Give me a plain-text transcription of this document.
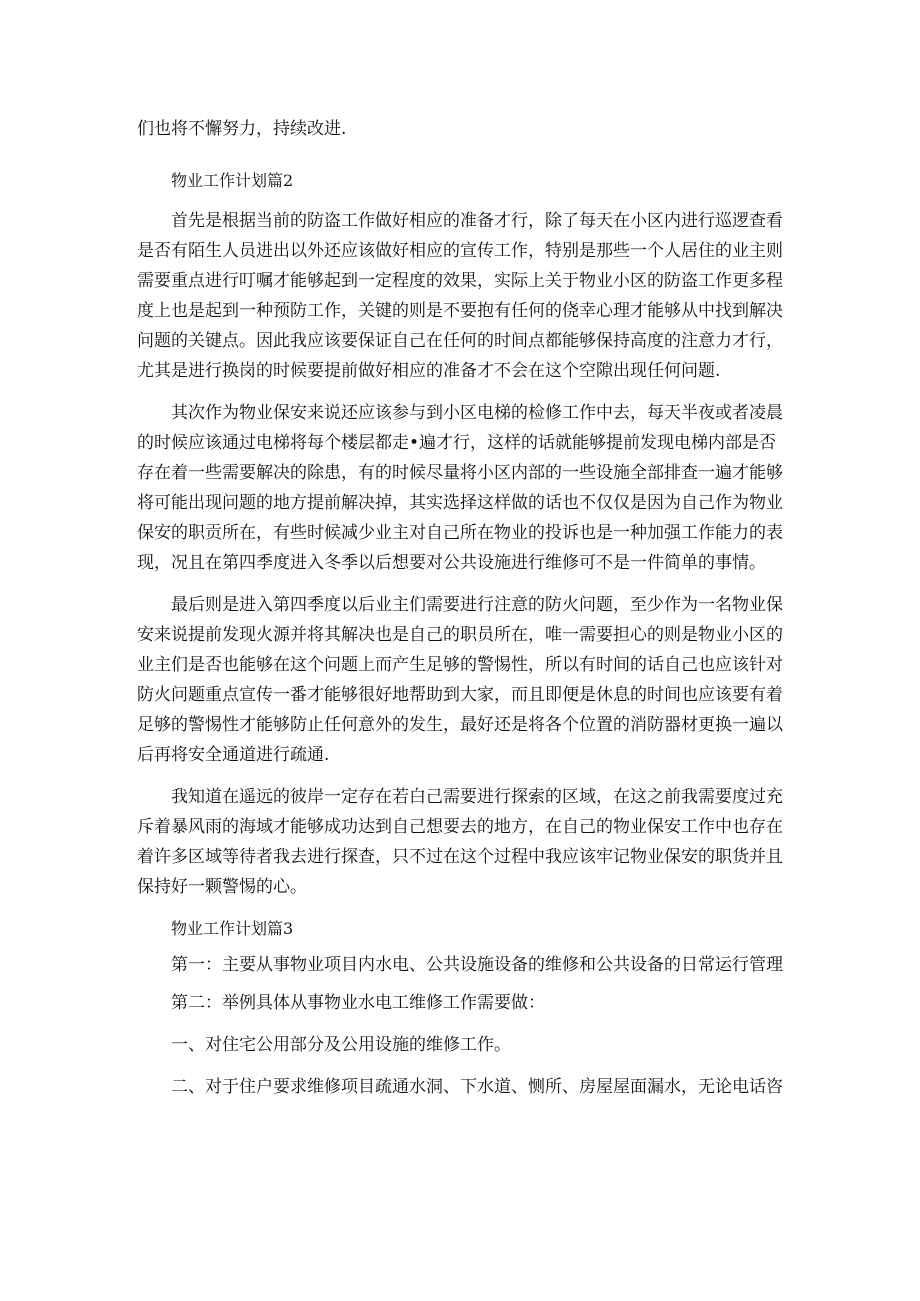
们也将不懈努力，持续改进.
物业工作计划篇2
首先是根据当前的防盗工作做好相应的准备才行，除了每天在小区内进行巡逻查看
是否有陌生人员进出以外还应该做好相应的宣传工作，特别是那些一个人居住的业主则
需要重点进行叮嘱才能够起到一定程度的效果，实际上关于物业小区的防盗工作更多程
度上也是起到一种预防工作，关键的则是不要抱有任何的侥幸心理才能够从中找到解决
问题的关键点。因此我应该要保证自己在任何的时间点都能够保持高度的注意力才行，
尤其是进行换岗的时候要提前做好相应的准备才不会在这个空隙出现任何问题.
其次作为物业保安来说还应该参与到小区电梯的检修工作中去，每天半夜或者凌晨
的时候应该通过电梯将每个楼层都走•遍才行，这样的话就能够提前发现电梯内部是否
存在着一些需要解决的除患，有的时候尽量将小区内部的一些设施全部排查一遍才能够
将可能出现问题的地方提前解决掉，其实选择这样做的话也不仅仅是因为自己作为物业
保安的职贡所在，有些时候减少业主对自己所在物业的投诉也是一种加强工作能力的表
现，况且在第四季度进入冬季以后想要对公共设施进行维修可不是一件简单的事情。
最后则是进入第四季度以后业主们需要进行注意的防火问题，至少作为一名物业保
安来说提前发现火源并将其解决也是自己的职员所在，唯一需要担心的则是物业小区的
业主们是否也能够在这个问题上而产生足够的警惕性，所以有时间的话自己也应该针对
防火问题重点宣传一番才能够很好地帮助到大家，而且即便是休息的时间也应该要有着
足够的警惕性才能够防止任何意外的发生，最好还是将各个位置的消防器材更换一遍以
后再将安全通道进行疏通.
我知道在遥远的彼岸一定存在若白己需要进行探索的区域，在这之前我需要度过充
斥着暴风雨的海域才能够成功达到自己想要去的地方，在自己的物业保安工作中也存在
着许多区域等待者我去进行探查，只不过在这个过程中我应该牢记物业保安的职货并且
保持好一颗警惕的心。
物业工作计划篇3
第一：主要从事物业项目内水电、公共设施设备的维修和公共设备的日常运行管理
第二：举例具体从事物业水电工维修工作需要做：
一、对住宅公用部分及公用设施的维修工作。
二、对于住户要求维修项目疏通水洞、下水道、恻所、房屋屋面漏水，无论电话咨
